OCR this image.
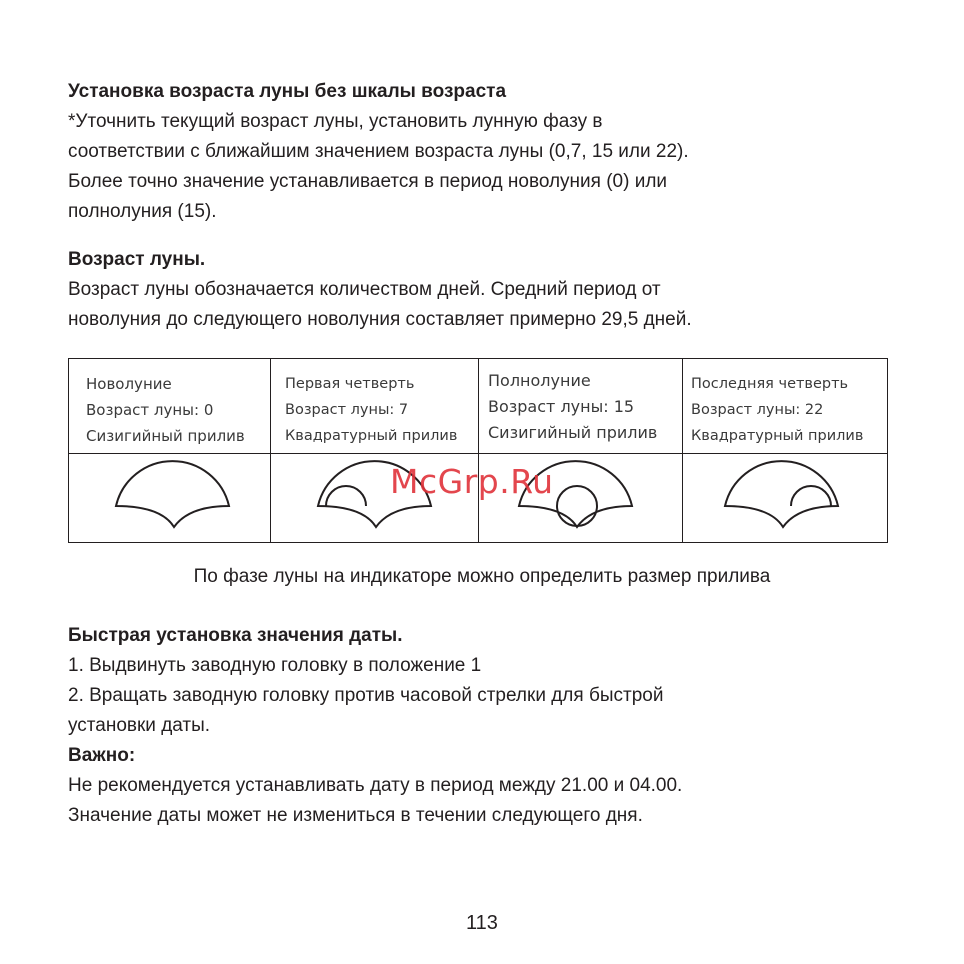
Установка возраста луны без шкалы возраста

*Уточнить текущий возраст луны, установить лунную фазу в

соответствии с ближайшим значением возраста луны (0,7, 15 или 22).

Более точно значение устанавливается в период новолуния (0) или

полнолуния (15).

Возраст луны.

Возраст луны обозначается количеством дней. Средний период от

новолуния до следующего новолуния составляет примерно 29,5 дней.

Новолуние
Возраст луны: 0
Сизигийный прилив
Первая четверть
Возраст луны: 7
Квадратурный прилив
Полнолуние
Возраст луны: 15
Сизигийный прилив
Последняя четверть
Возраст луны: 22
Квадратурный прилив
По фазе луны на индикаторе можно определить размер прилива
McGrp.Ru

Быстрая установка значения даты.

1. Выдвинуть заводную головку в положение 1

2. Вращать заводную головку против часовой стрелки для быстрой

установки даты.

Важно:

Не рекомендуется устанавливать дату в период между 21.00 и 04.00.

Значение даты может не измениться в течении следующего дня.

113
